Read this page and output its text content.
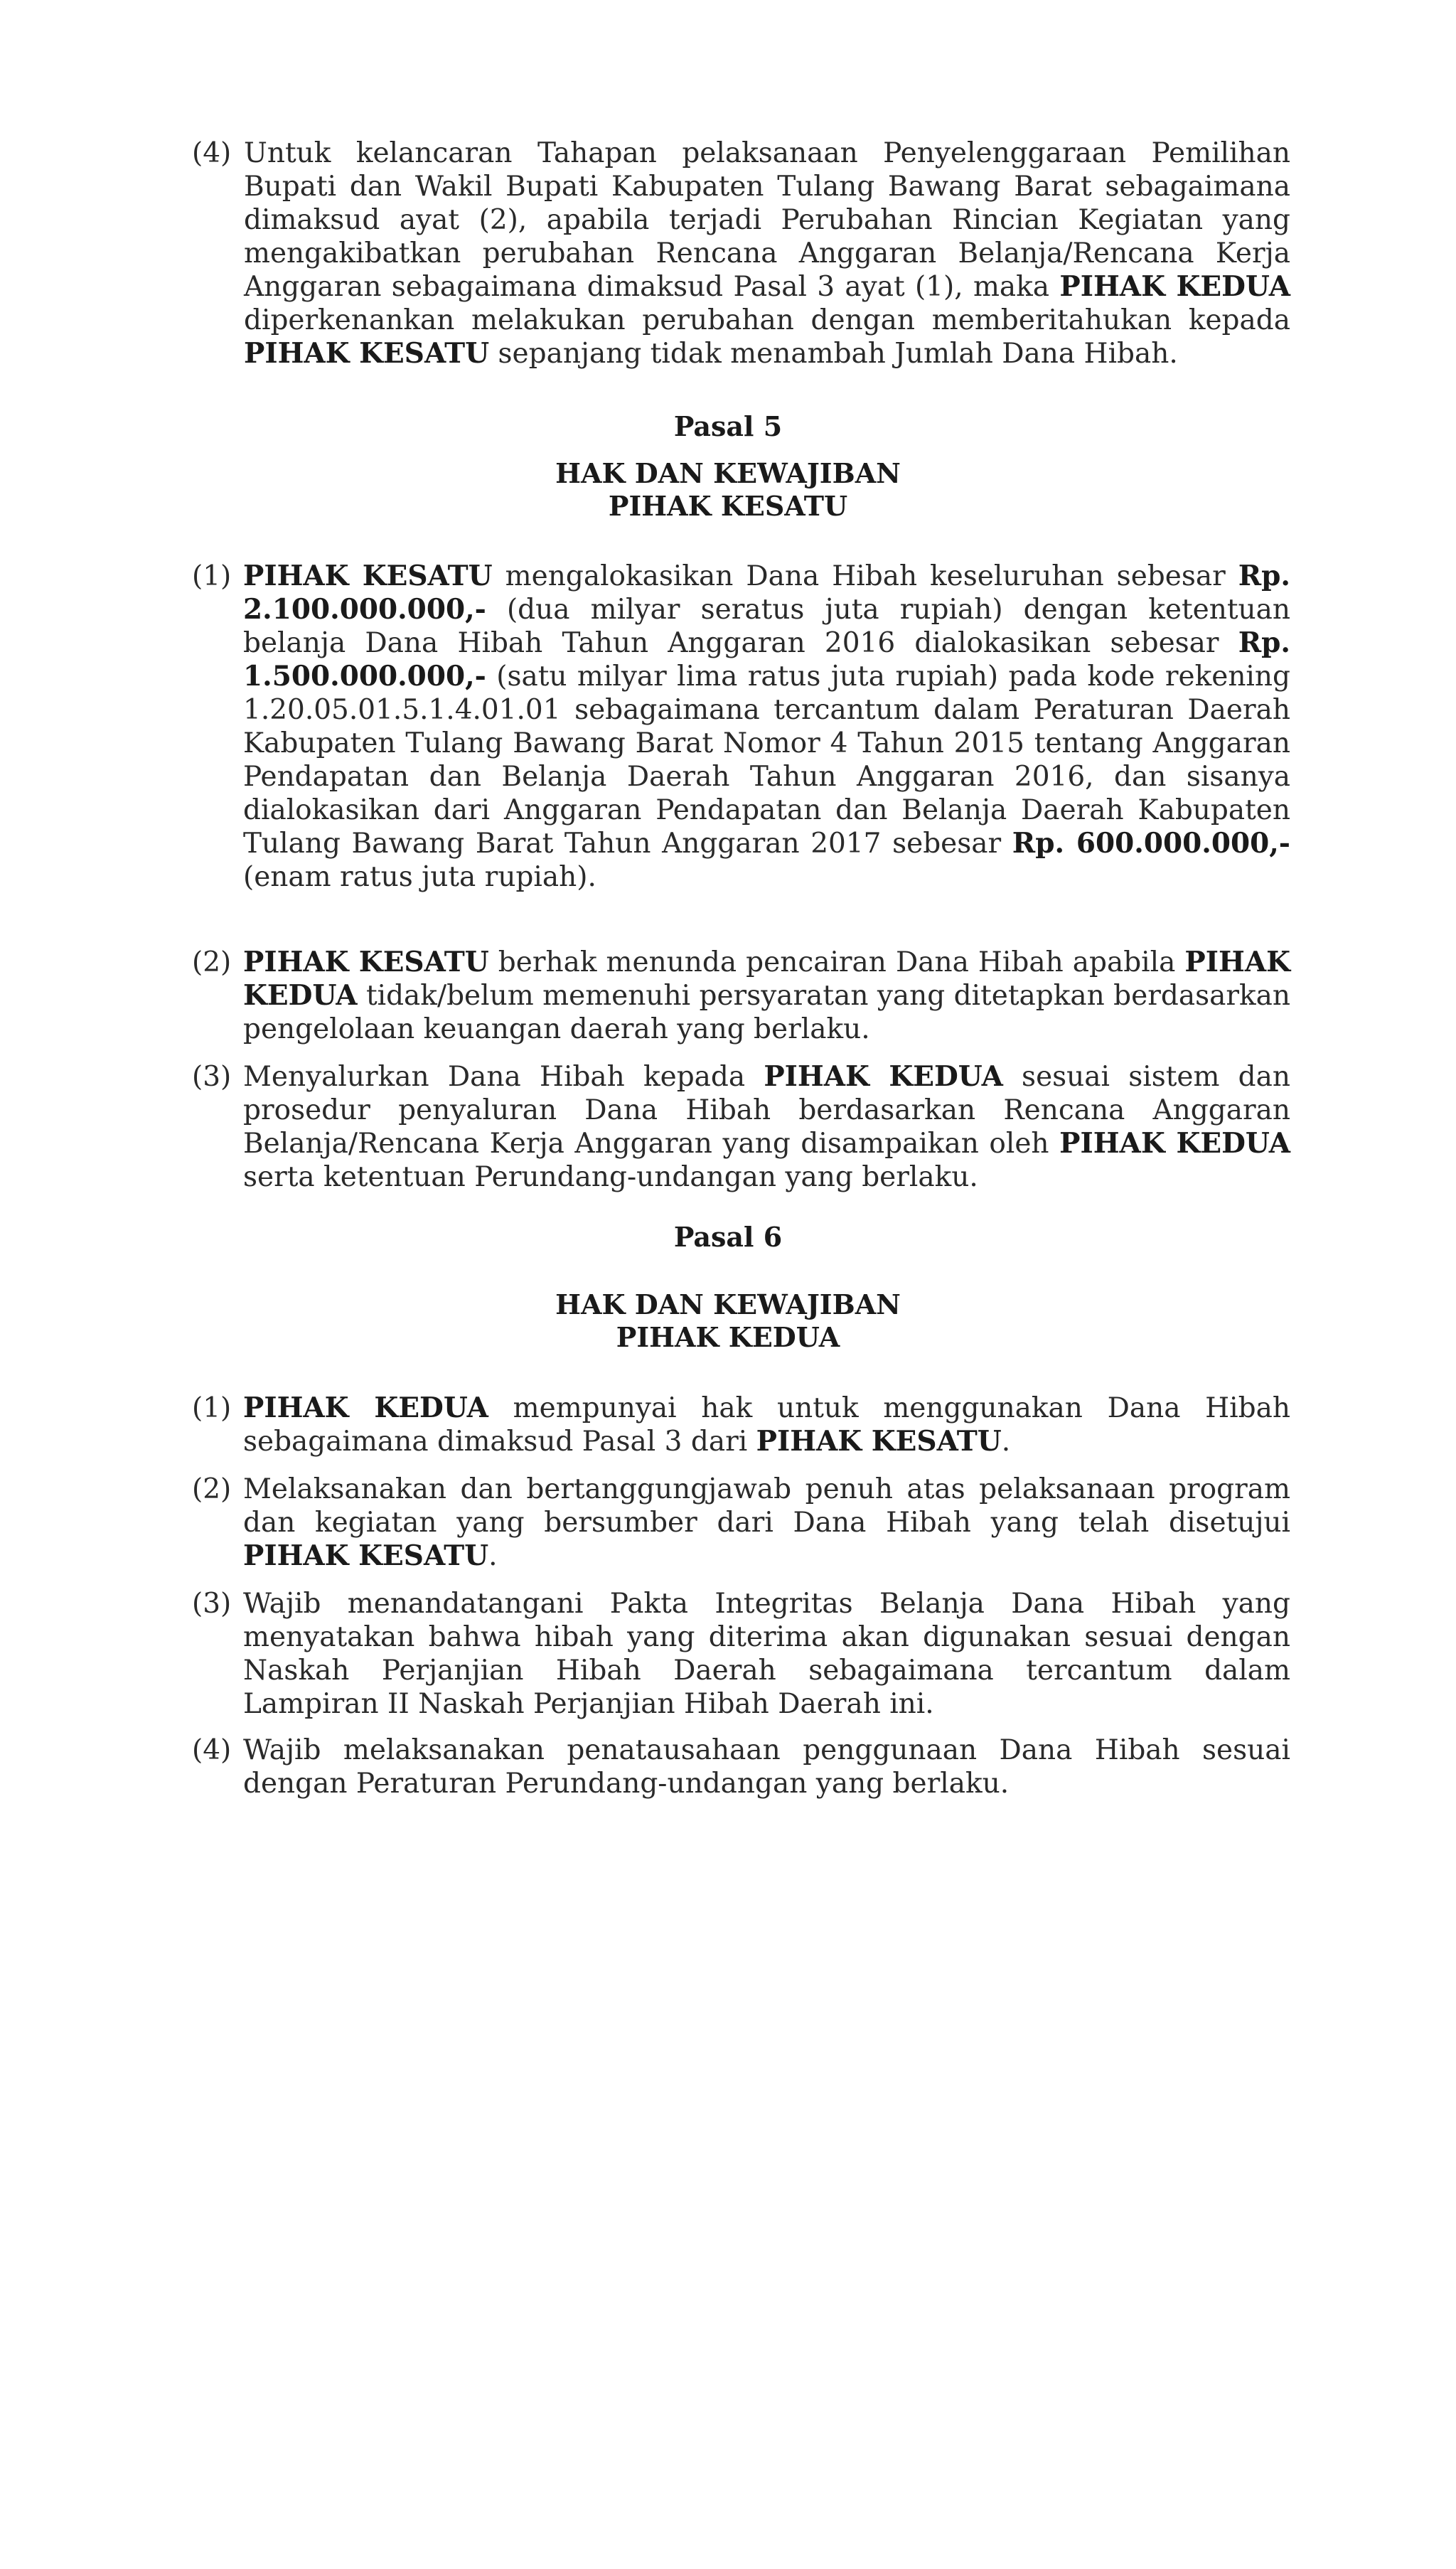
(4) Untuk kelancaran Tahapan pelaksanaan Penyelenggaraan Pemilihan Bupati dan Wakil Bupati Kabupaten Tulang Bawang Barat sebagaimana dimaksud ayat (2), apabila terjadi Perubahan Rincian Kegiatan yang mengakibatkan perubahan Rencana Anggaran Belanja/Rencana Kerja Anggaran sebagaimana dimaksud Pasal 3 ayat (1), maka PIHAK KEDUA diperkenankan melakukan perubahan dengan memberitahukan kepada PIHAK KESATU sepanjang tidak menambah Jumlah Dana Hibah.

Pasal 5

HAK DAN KEWAJIBAN

PIHAK KESATU

(1) PIHAK KESATU mengalokasikan Dana Hibah keseluruhan sebesar Rp. 2.100.000.000,- (dua milyar seratus juta rupiah) dengan ketentuan belanja Dana Hibah Tahun Anggaran 2016 dialokasikan sebesar Rp. 1.500.000.000,- (satu milyar lima ratus juta rupiah) pada kode rekening 1.20.05.01.5.1.4.01.01 sebagaimana tercantum dalam Peraturan Daerah Kabupaten Tulang Bawang Barat Nomor 4 Tahun 2015 tentang Anggaran Pendapatan dan Belanja Daerah Tahun Anggaran 2016, dan sisanya dialokasikan dari Anggaran Pendapatan dan Belanja Daerah Kabupaten Tulang Bawang Barat Tahun Anggaran 2017 sebesar Rp. 600.000.000,- (enam ratus juta rupiah).

(2) PIHAK KESATU berhak menunda pencairan Dana Hibah apabila PIHAK KEDUA tidak/belum memenuhi persyaratan yang ditetapkan berdasarkan pengelolaan keuangan daerah yang berlaku.

(3) Menyalurkan Dana Hibah kepada PIHAK KEDUA sesuai sistem dan prosedur penyaluran Dana Hibah berdasarkan Rencana Anggaran Belanja/Rencana Kerja Anggaran yang disampaikan oleh PIHAK KEDUA serta ketentuan Perundang-undangan yang berlaku.

Pasal 6

HAK DAN KEWAJIBAN

PIHAK KEDUA

(1) PIHAK KEDUA mempunyai hak untuk menggunakan Dana Hibah sebagaimana dimaksud Pasal 3 dari PIHAK KESATU.

(2) Melaksanakan dan bertanggungjawab penuh atas pelaksanaan program dan kegiatan yang bersumber dari Dana Hibah yang telah disetujui PIHAK KESATU.

(3) Wajib menandatangani Pakta Integritas Belanja Dana Hibah yang menyatakan bahwa hibah yang diterima akan digunakan sesuai dengan Naskah Perjanjian Hibah Daerah sebagaimana tercantum dalam Lampiran II Naskah Perjanjian Hibah Daerah ini.

(4) Wajib melaksanakan penatausahaan penggunaan Dana Hibah sesuai dengan Peraturan Perundang-undangan yang berlaku.
